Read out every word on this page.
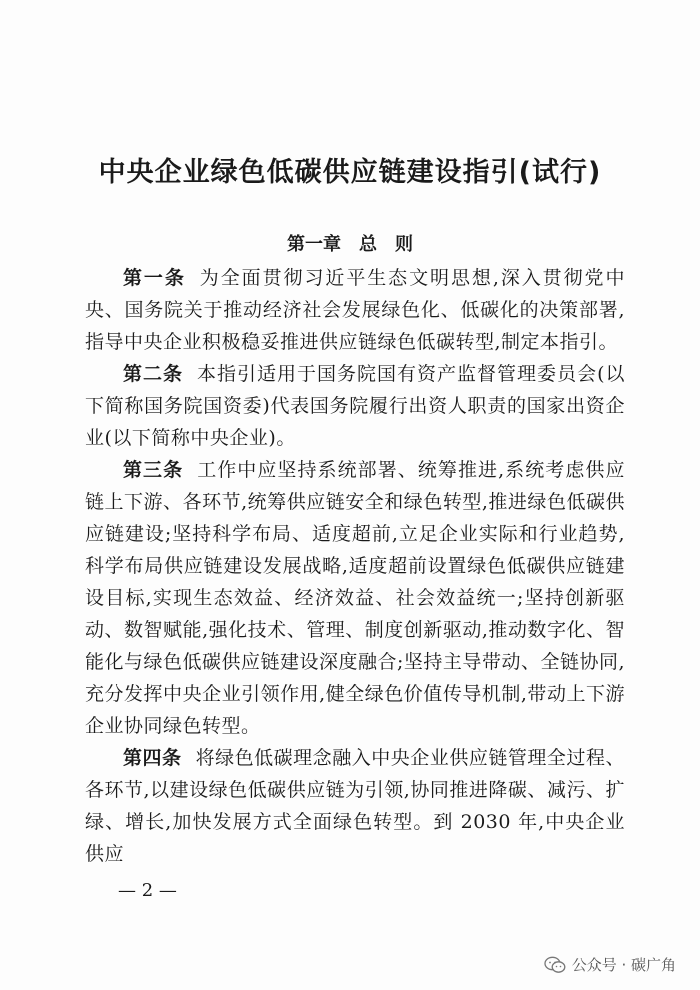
中央企业绿色低碳供应链建设指引(试行)
第一章　总　则

第一条 为全面贯彻习近平生态文明思想,深入贯彻党中央、国务院关于推动经济社会发展绿色化、低碳化的决策部署,指导中央企业积极稳妥推进供应链绿色低碳转型,制定本指引。

第二条 本指引适用于国务院国有资产监督管理委员会(以下简称国务院国资委)代表国务院履行出资人职责的国家出资企业(以下简称中央企业)。

第三条 工作中应坚持系统部署、统筹推进,系统考虑供应链上下游、各环节,统筹供应链安全和绿色转型,推进绿色低碳供应链建设;坚持科学布局、适度超前,立足企业实际和行业趋势,科学布局供应链建设发展战略,适度超前设置绿色低碳供应链建设目标,实现生态效益、经济效益、社会效益统一;坚持创新驱动、数智赋能,强化技术、管理、制度创新驱动,推动数字化、智能化与绿色低碳供应链建设深度融合;坚持主导带动、全链协同,充分发挥中央企业引领作用,健全绿色价值传导机制,带动上下游企业协同绿色转型。

第四条 将绿色低碳理念融入中央企业供应链管理全过程、各环节,以建设绿色低碳供应链为引领,协同推进降碳、减污、扩绿、增长,加快发展方式全面绿色转型。到 2030 年,中央企业供应

— 2 —

公众号 · 碳广角
